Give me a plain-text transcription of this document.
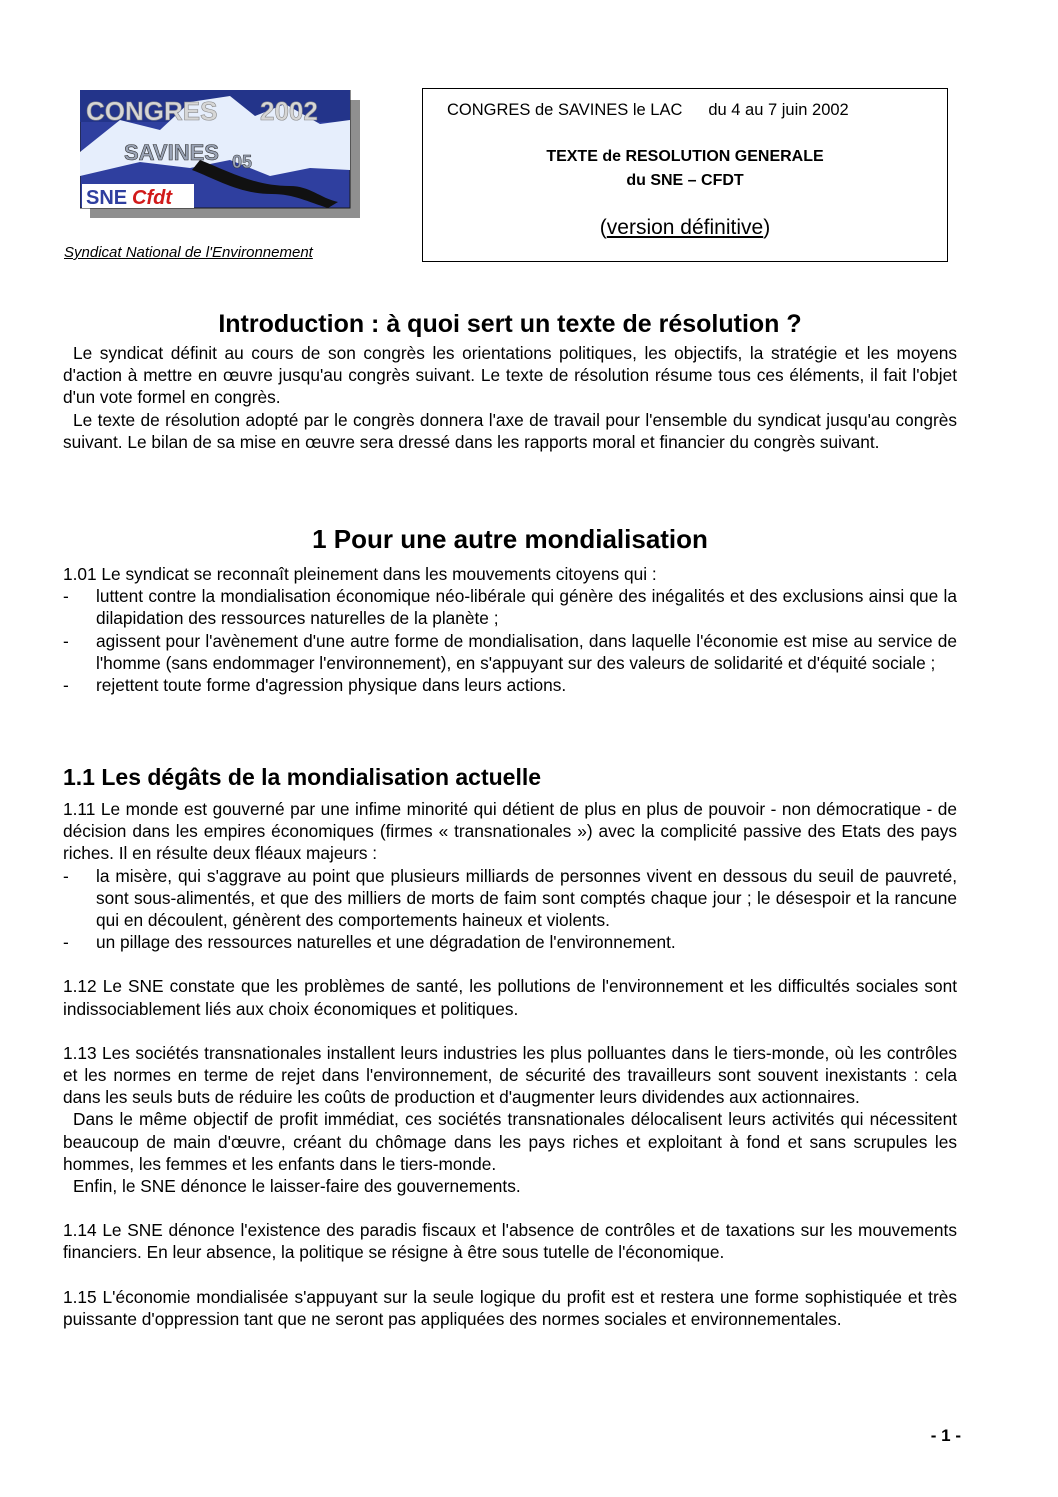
CONGRES 2002
SAVINES 05
SNE Cfdt
Syndicat National de l'Environnement
CONGRES de SAVINES le LAC du 4 au 7 juin 2002
TEXTE de RESOLUTION GENERALE
du SNE – CFDT
(version définitive)
Introduction : à quoi sert un texte de résolution ?

Le syndicat définit au cours de son congrès les orientations politiques, les objectifs, la stratégie et les moyens d'action à mettre en œuvre jusqu'au congrès suivant. Le texte de résolution résume tous ces éléments, il fait l'objet d'un vote formel en congrès.

Le texte de résolution adopté par le congrès donnera l'axe de travail pour l'ensemble du syndicat jusqu'au congrès suivant. Le bilan de sa mise en œuvre sera dressé dans les rapports moral et financier du congrès suivant.

1 Pour une autre mondialisation

1.01 Le syndicat se reconnaît pleinement dans les mouvements citoyens qui :

- luttent contre la mondialisation économique néo-libérale qui génère des inégalités et des exclusions ainsi que la dilapidation des ressources naturelles de la planète ;
- agissent pour l'avènement d'une autre forme de mondialisation, dans laquelle l'économie est mise au service de l'homme (sans endommager l'environnement), en s'appuyant sur des valeurs de solidarité et d'équité sociale ;
- rejettent toute forme d'agression physique dans leurs actions.
1.1 Les dégâts de la mondialisation actuelle

1.11 Le monde est gouverné par une infime minorité qui détient de plus en plus de pouvoir - non démocratique - de décision dans les empires économiques (firmes « transnationales ») avec la complicité passive des Etats des pays riches. Il en résulte deux fléaux majeurs :

- la misère, qui s'aggrave au point que plusieurs milliards de personnes vivent en dessous du seuil de pauvreté, sont sous-alimentés, et que des milliers de morts de faim sont comptés chaque jour ; le désespoir et la rancune qui en découlent, génèrent des comportements haineux et violents.
- un pillage des ressources naturelles et une dégradation de l'environnement.

1.12 Le SNE constate que les problèmes de santé, les pollutions de l'environnement et les difficultés sociales sont indissociablement liés aux choix économiques et politiques.

1.13 Les sociétés transnationales installent leurs industries les plus polluantes dans le tiers-monde, où les contrôles et les normes en terme de rejet dans l'environnement, de sécurité des travailleurs sont souvent inexistants : cela dans les seuls buts de réduire les coûts de production et d'augmenter leurs dividendes aux actionnaires.

Dans le même objectif de profit immédiat, ces sociétés transnationales délocalisent leurs activités qui nécessitent beaucoup de main d'œuvre, créant du chômage dans les pays riches et exploitant à fond et sans scrupules les hommes, les femmes et les enfants dans le tiers-monde.

Enfin, le SNE dénonce le laisser-faire des gouvernements.

1.14 Le SNE dénonce l'existence des paradis fiscaux et l'absence de contrôles et de taxations sur les mouvements financiers. En leur absence, la politique se résigne à être sous tutelle de l'économique.

1.15 L'économie mondialisée s'appuyant sur la seule logique du profit est et restera une forme sophistiquée et très puissante d'oppression tant que ne seront pas appliquées des normes sociales et environnementales.

- 1 -
